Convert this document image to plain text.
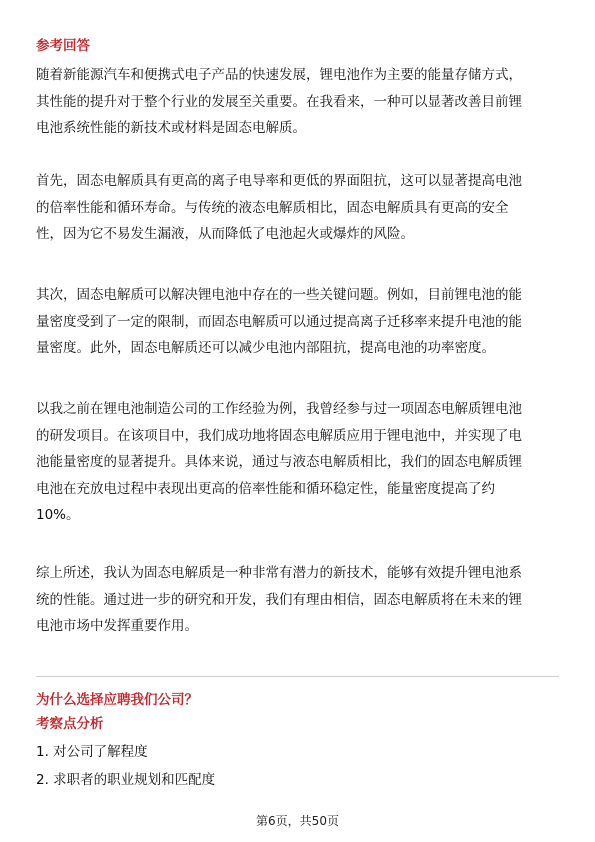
参考回答
随着新能源汽车和便携式电子产品的快速发展，锂电池作为主要的能量存储方式，
其性能的提升对于整个行业的发展至关重要。在我看来，一种可以显著改善目前锂
电池系统性能的新技术或材料是固态电解质。
首先，固态电解质具有更高的离子电导率和更低的界面阻抗，这可以显著提高电池
的倍率性能和循环寿命。与传统的液态电解质相比，固态电解质具有更高的安全
性，因为它不易发生漏液，从而降低了电池起火或爆炸的风险。
其次，固态电解质可以解决锂电池中存在的一些关键问题。例如，目前锂电池的能
量密度受到了一定的限制，而固态电解质可以通过提高离子迁移率来提升电池的能
量密度。此外，固态电解质还可以减少电池内部阻抗，提高电池的功率密度。
以我之前在锂电池制造公司的工作经验为例，我曾经参与过一项固态电解质锂电池
的研发项目。在该项目中，我们成功地将固态电解质应用于锂电池中，并实现了电
池能量密度的显著提升。具体来说，通过与液态电解质相比，我们的固态电解质锂
电池在充放电过程中表现出更高的倍率性能和循环稳定性，能量密度提高了约
10%。
综上所述，我认为固态电解质是一种非常有潜力的新技术，能够有效提升锂电池系
统的性能。通过进一步的研究和开发，我们有理由相信，固态电解质将在未来的锂
电池市场中发挥重要作用。
为什么选择应聘我们公司？
考察点分析
1. 对公司了解程度
2. 求职者的职业规划和匹配度
第6页，共50页
